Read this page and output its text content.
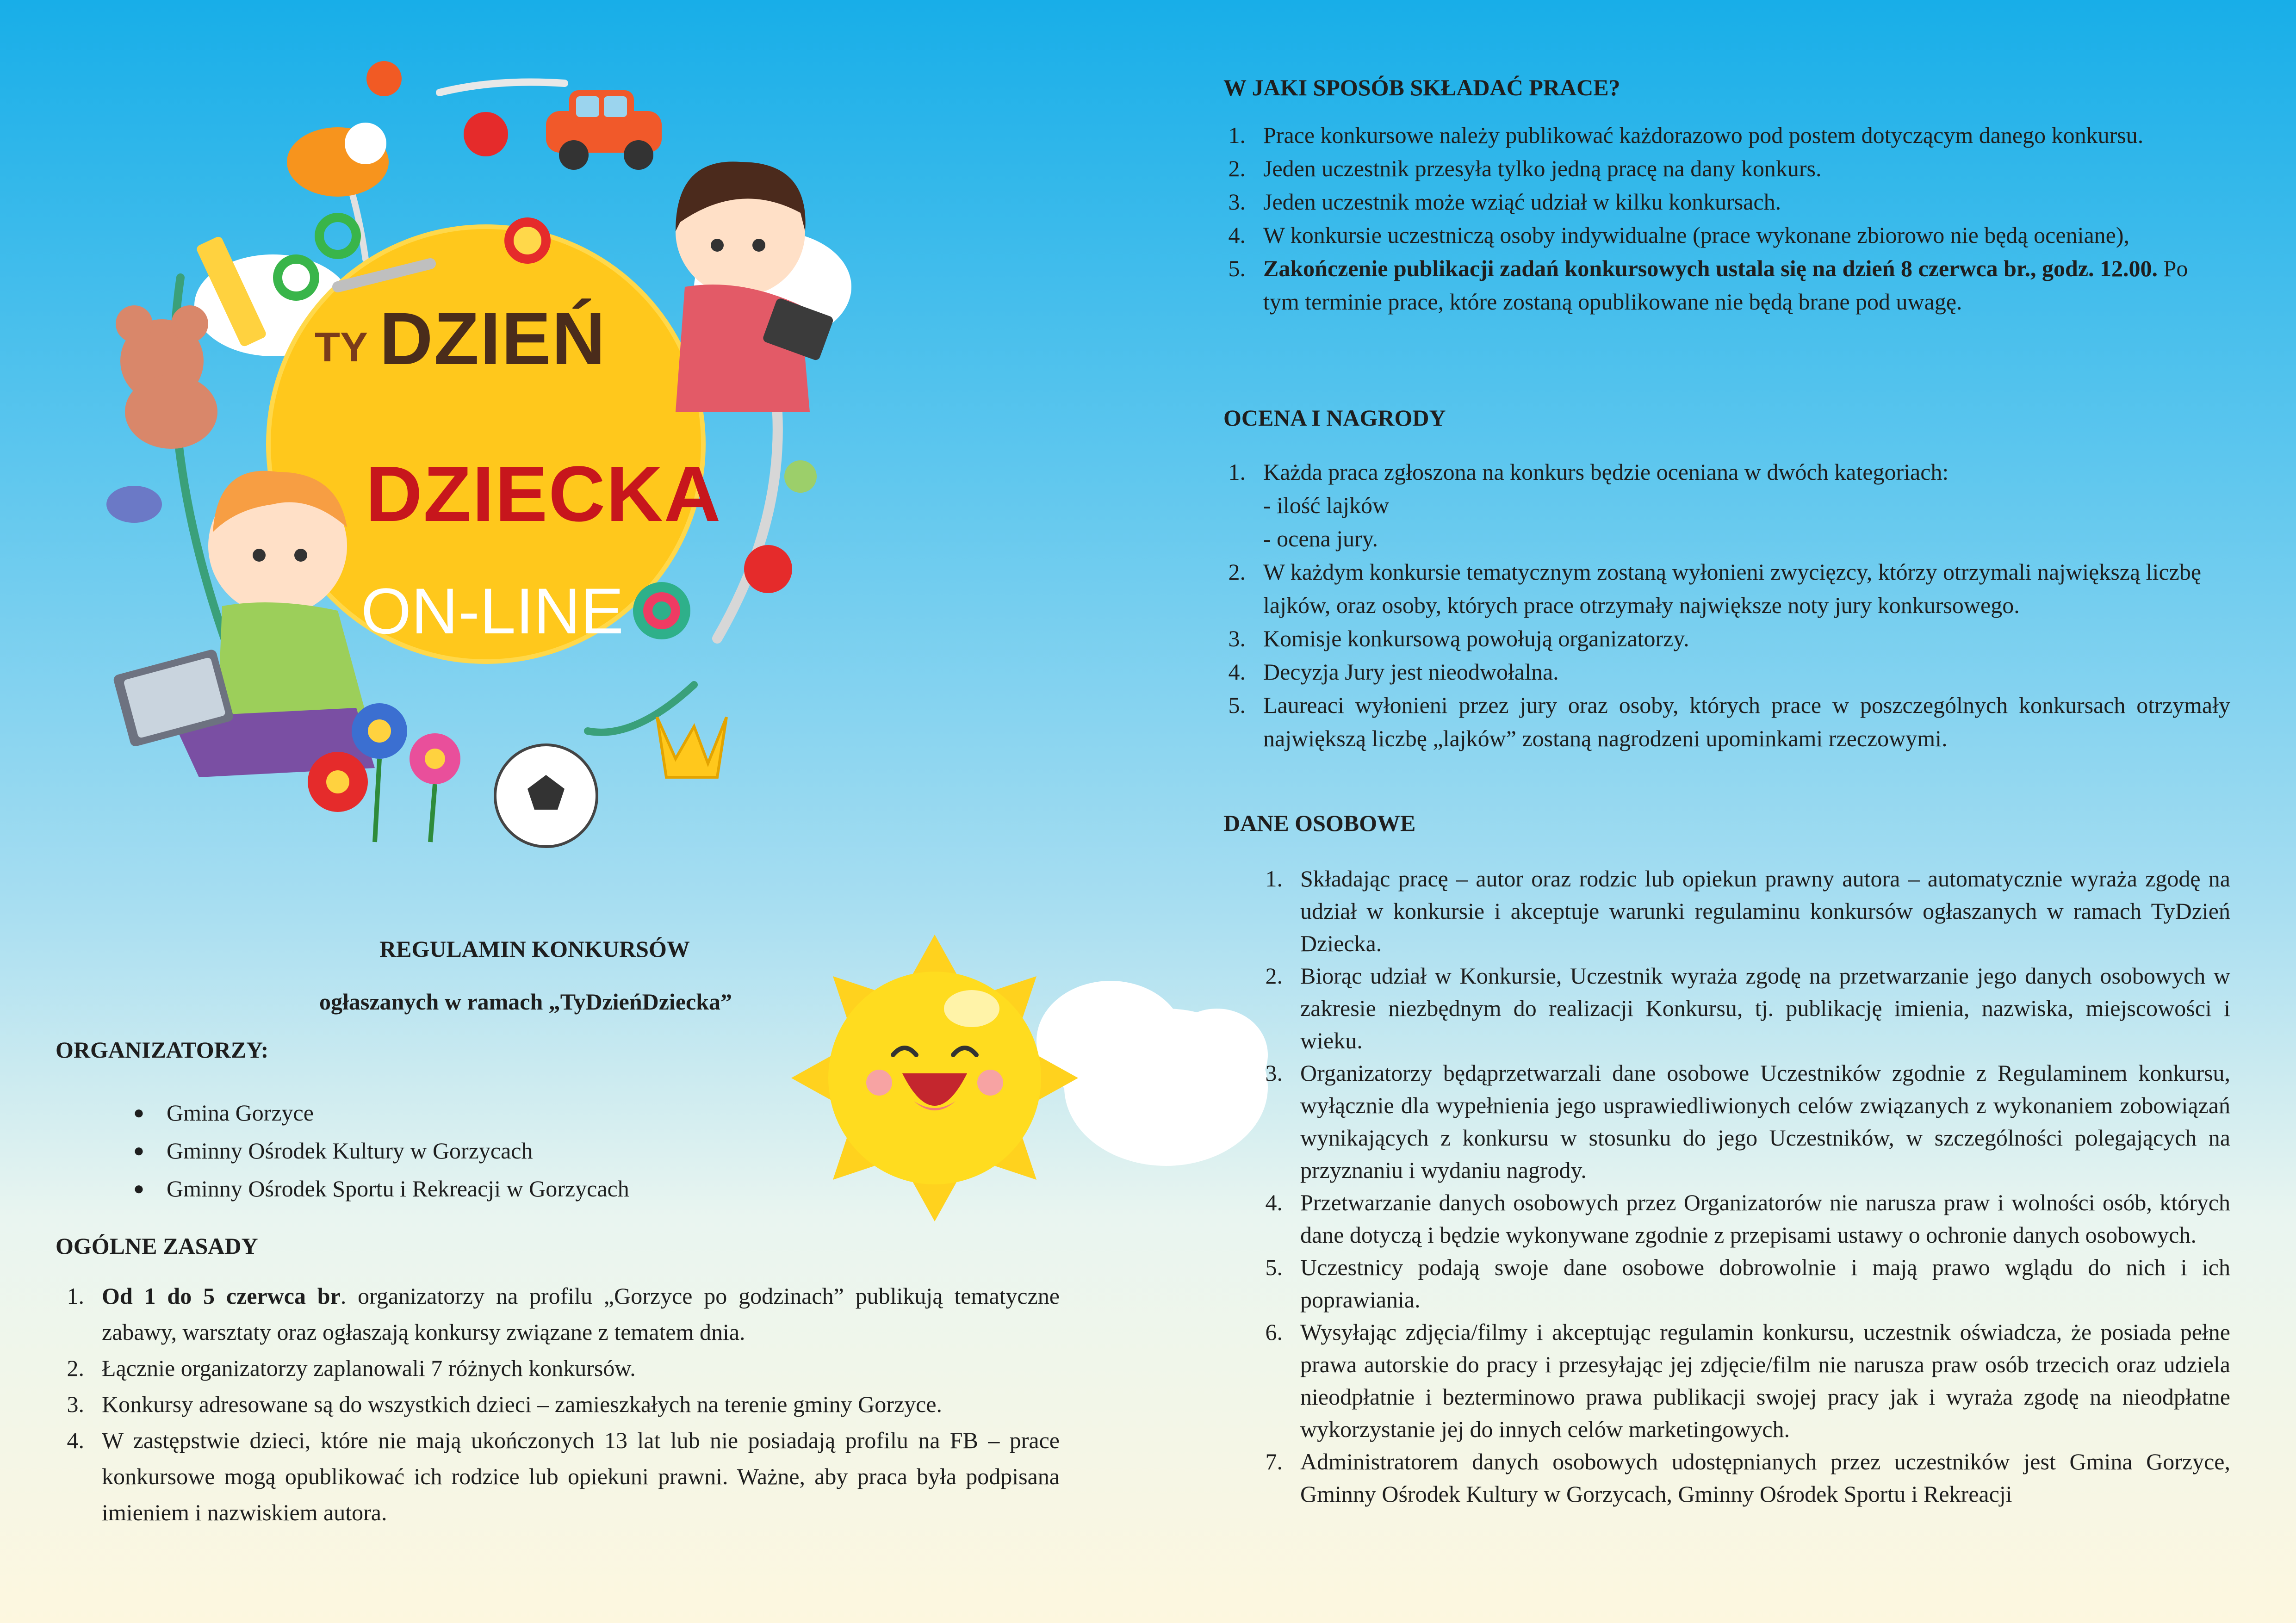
TY DZIEŃ
DZIECKA
ON-LINE
REGULAMIN KONKURSÓW
ogłaszanych w ramach „TyDzieńDziecka”
ORGANIZATORZY:
● Gmina Gorzyce
● Gminny Ośrodek Kultury w Gorzycach
● Gminny Ośrodek Sportu i Rekreacji w Gorzycach
OGÓLNE ZASADY
1. Od 1 do 5 czerwca br. organizatorzy na profilu „Gorzyce po godzinach” publikują tematyczne zabawy, warsztaty oraz ogłaszają konkursy związane z tematem dnia.
2. Łącznie organizatorzy zaplanowali 7 różnych konkursów.
3. Konkursy adresowane są do wszystkich dzieci – zamieszkałych na terenie gminy Gorzyce.
4. W zastępstwie dzieci, które nie mają ukończonych 13 lat lub nie posiadają profilu na FB – prace konkursowe mogą opublikować ich rodzice lub opiekuni prawni. Ważne, aby praca była podpisana imieniem i nazwiskiem autora.
W JAKI SPOSÓB SKŁADAĆ PRACE?
1. Prace konkursowe należy publikować każdorazowo pod postem dotyczącym danego konkursu.
2. Jeden uczestnik przesyła tylko jedną pracę na dany konkurs.
3. Jeden uczestnik może wziąć udział w kilku konkursach.
4. W konkursie uczestniczą osoby indywidualne (prace wykonane zbiorowo nie będą oceniane),
5. Zakończenie publikacji zadań konkursowych ustala się na dzień 8 czerwca br., godz. 12.00. Po tym terminie prace, które zostaną opublikowane nie będą brane pod uwagę.
OCENA I NAGRODY
1. Każda praca zgłoszona na konkurs będzie oceniana w dwóch kategoriach:
- ilość lajków
- ocena jury.
2. W każdym konkursie tematycznym zostaną wyłonieni zwycięzcy, którzy otrzymali największą liczbę lajków, oraz osoby, których prace otrzymały największe noty jury konkursowego.
3. Komisje konkursową powołują organizatorzy.
4. Decyzja Jury jest nieodwołalna.
5. Laureaci wyłonieni przez jury oraz osoby, których prace w poszczególnych konkursach otrzymały największą liczbę „lajków” zostaną nagrodzeni upominkami rzeczowymi.
DANE OSOBOWE
1. Składając pracę – autor oraz rodzic lub opiekun prawny autora – automatycznie wyraża zgodę na udział w konkursie i akceptuje warunki regulaminu konkursów ogłaszanych w ramach TyDzień Dziecka.
2. Biorąc udział w Konkursie, Uczestnik wyraża zgodę na przetwarzanie jego danych osobowych w zakresie niezbędnym do realizacji Konkursu, tj. publikację imienia, nazwiska, miejscowości i wieku.
3. Organizatorzy będąprzetwarzali dane osobowe Uczestników zgodnie z Regulaminem konkursu, wyłącznie dla wypełnienia jego usprawiedliwionych celów związanych z wykonaniem zobowiązań wynikających z konkursu w stosunku do jego Uczestników, w szczególności polegających na przyznaniu i wydaniu nagrody.
4. Przetwarzanie danych osobowych przez Organizatorów nie narusza praw i wolności osób, których dane dotyczą i będzie wykonywane zgodnie z przepisami ustawy o ochronie danych osobowych.
5. Uczestnicy podają swoje dane osobowe dobrowolnie i mają prawo wglądu do nich i ich poprawiania.
6. Wysyłając zdjęcia/filmy i akceptując regulamin konkursu, uczestnik oświadcza, że posiada pełne prawa autorskie do pracy i przesyłając jej zdjęcie/film nie narusza praw osób trzecich oraz udziela nieodpłatnie i bezterminowo prawa publikacji swojej pracy jak i wyraża zgodę na nieodpłatne wykorzystanie jej do innych celów marketingowych.
7. Administratorem danych osobowych udostępnianych przez uczestników jest Gmina Gorzyce, Gminny Ośrodek Kultury w Gorzycach, Gminny Ośrodek Sportu i Rekreacji
